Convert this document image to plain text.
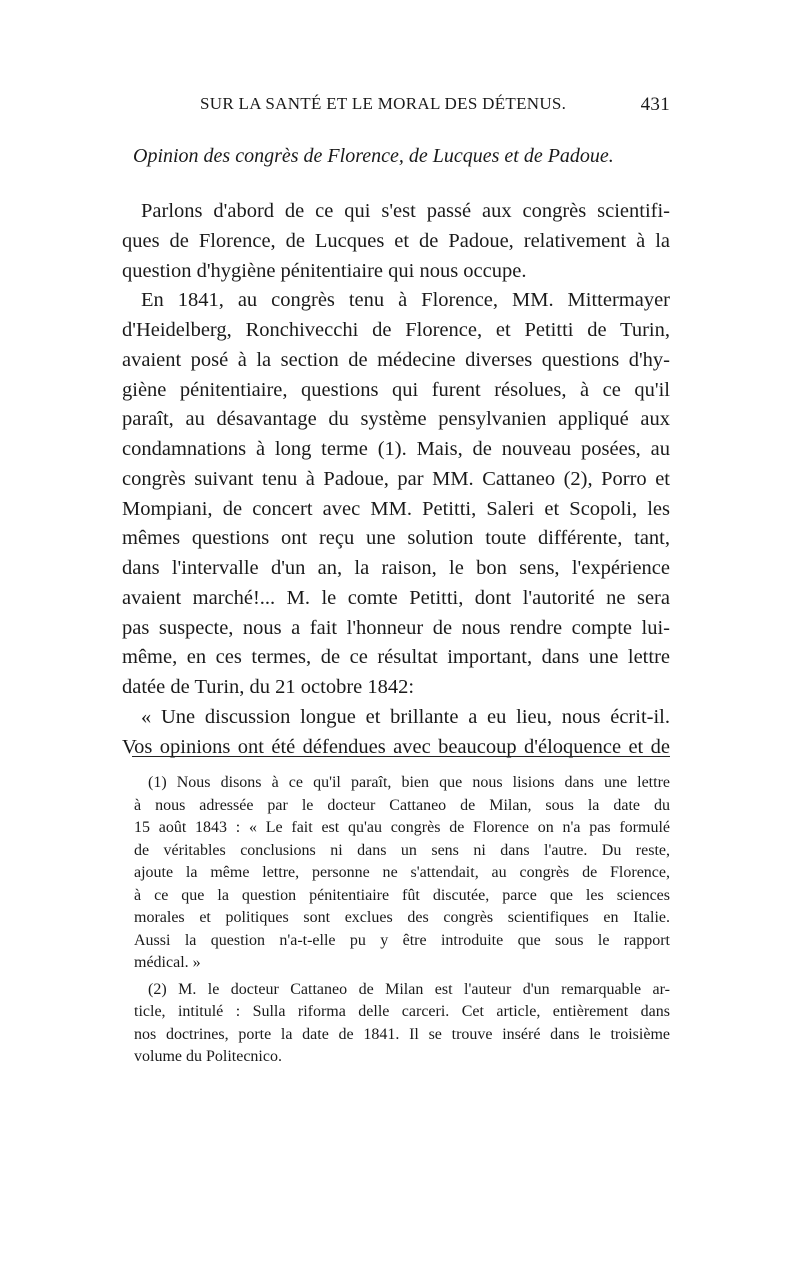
SUR LA SANTÉ ET LE MORAL DES DÉTENUS.	431
Opinion des congrès de Florence, de Lucques et de Padoue.
Parlons d'abord de ce qui s'est passé aux congrès scientifi-
ques de Florence, de Lucques et de Padoue, relativement à la
question d'hygiène pénitentiaire qui nous occupe.
En 1841, au congrès tenu à Florence, MM. Mittermayer
d'Heidelberg, Ronchivecchi de Florence, et Petitti de Turin,
avaient posé à la section de médecine diverses questions d'hy-
giène pénitentiaire, questions qui furent résolues, à ce qu'il
paraît, au désavantage du système pensylvanien appliqué aux
condamnations à long terme (1). Mais, de nouveau posées, au
congrès suivant tenu à Padoue, par MM. Cattaneo (2), Porro et
Mompiani, de concert avec MM. Petitti, Saleri et Scopoli, les
mêmes questions ont reçu une solution toute différente, tant,
dans l'intervalle d'un an, la raison, le bon sens, l'expérience
avaient marché!... M. le comte Petitti, dont l'autorité ne sera
pas suspecte, nous a fait l'honneur de nous rendre compte lui-
même, en ces termes, de ce résultat important, dans une lettre
datée de Turin, du 21 octobre 1842:
« Une discussion longue et brillante a eu lieu, nous écrit-il.
Vos opinions ont été défendues avec beaucoup d'éloquence et de
(1) Nous disons à ce qu'il paraît, bien que nous lisions dans une lettre
à nous adressée par le docteur Cattaneo de Milan, sous la date du
15 août 1843 : « Le fait est qu'au congrès de Florence on n'a pas formulé
de véritables conclusions ni dans un sens ni dans l'autre. Du reste,
ajoute la même lettre, personne ne s'attendait, au congrès de Florence,
à ce que la question pénitentiaire fût discutée, parce que les sciences
morales et politiques sont exclues des congrès scientifiques en Italie.
Aussi la question n'a-t-elle pu y être introduite que sous le rapport
médical. »
(2) M. le docteur Cattaneo de Milan est l'auteur d'un remarquable ar-
ticle, intitulé : Sulla riforma delle carceri. Cet article, entièrement dans
nos doctrines, porte la date de 1841. Il se trouve inséré dans le troisième
volume du Politecnico.
